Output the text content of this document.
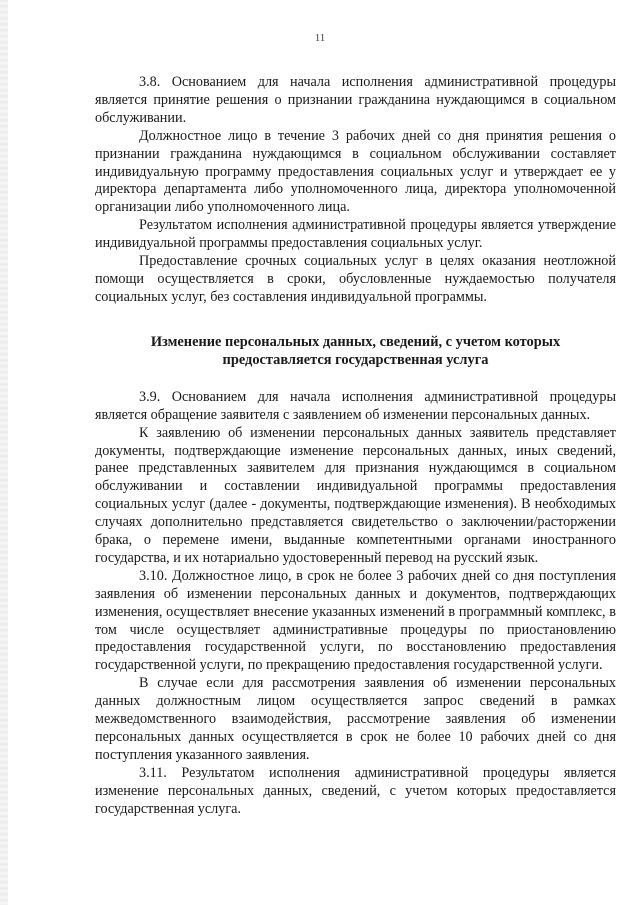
11

3.8. Основанием для начала исполнения административной процедуры является принятие решения о признании гражданина нуждающимся в социальном обслуживании.

Должностное лицо в течение 3 рабочих дней со дня принятия решения о признании гражданина нуждающимся в социальном обслуживании составляет индивидуальную программу предоставления социальных услуг и утверждает ее у директора департамента либо уполномоченного лица, директора уполномоченной организации либо уполномоченного лица.

Результатом исполнения административной процедуры является утверждение индивидуальной программы предоставления социальных услуг.

Предоставление срочных социальных услуг в целях оказания неотложной помощи осуществляется в сроки, обусловленные нуждаемостью получателя социальных услуг, без составления индивидуальной программы.

Изменение персональных данных, сведений, с учетом которых предоставляется государственная услуга

3.9. Основанием для начала исполнения административной процедуры является обращение заявителя с заявлением об изменении персональных данных.

К заявлению об изменении персональных данных заявитель представляет документы, подтверждающие изменение персональных данных, иных сведений, ранее представленных заявителем для признания нуждающимся в социальном обслуживании и составлении индивидуальной программы предоставления социальных услуг (далее - документы, подтверждающие изменения). В необходимых случаях дополнительно представляется свидетельство о заключении/расторжении брака, о перемене имени, выданные компетентными органами иностранного государства, и их нотариально удостоверенный перевод на русский язык.

3.10. Должностное лицо, в срок не более 3 рабочих дней со дня поступления заявления об изменении персональных данных и документов, подтверждающих изменения, осуществляет внесение указанных изменений в программный комплекс, в том числе осуществляет административные процедуры по приостановлению предоставления государственной услуги, по восстановлению предоставления государственной услуги, по прекращению предоставления государственной услуги.

В случае если для рассмотрения заявления об изменении персональных данных должностным лицом осуществляется запрос сведений в рамках межведомственного взаимодействия, рассмотрение заявления об изменении персональных данных осуществляется в срок не более 10 рабочих дней со дня поступления указанного заявления.

3.11. Результатом исполнения административной процедуры является изменение персональных данных, сведений, с учетом которых предоставляется государственная услуга.
